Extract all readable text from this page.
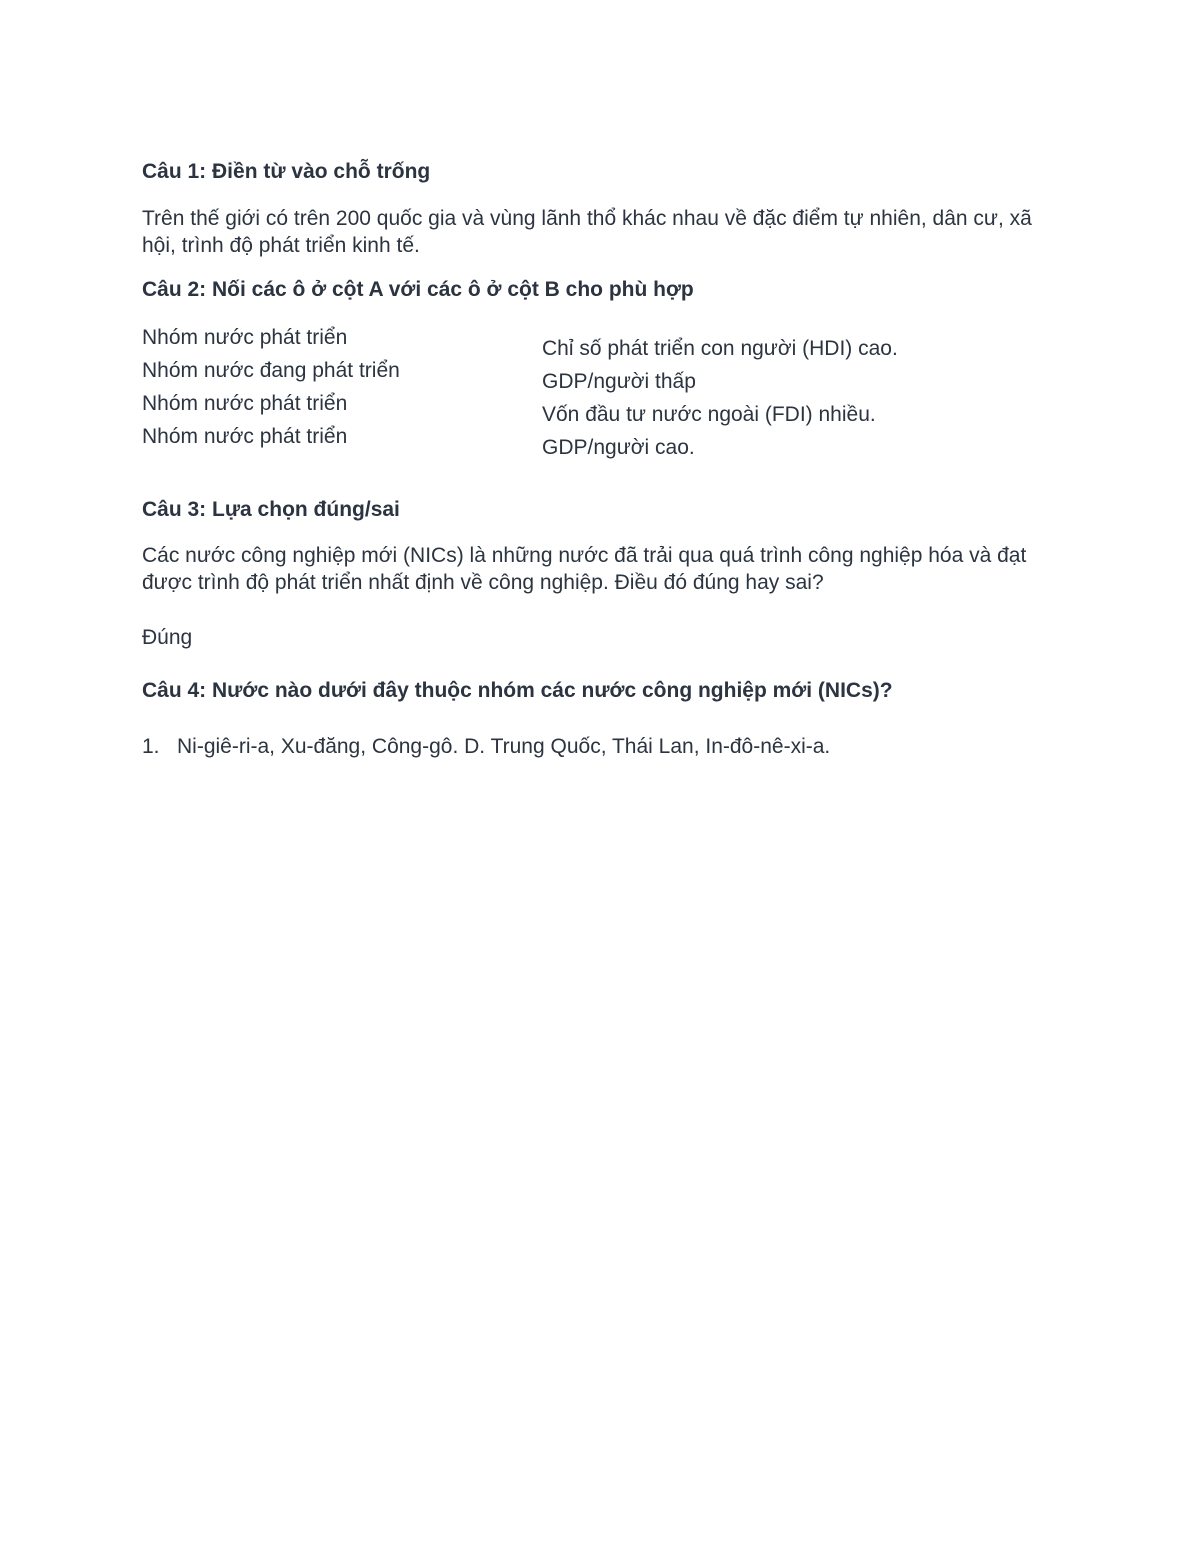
Câu 1: Điền từ vào chỗ trống
Trên thế giới có trên 200 quốc gia và vùng lãnh thổ khác nhau về đặc điểm tự nhiên, dân cư, xã hội, trình độ phát triển kinh tế.
Câu 2: Nối các ô ở cột A với các ô ở cột B cho phù hợp
Nhóm nước phát triển
Nhóm nước đang phát triển
Nhóm nước phát triển
Nhóm nước phát triển
Chỉ số phát triển con người (HDI) cao.
GDP/người thấp
Vốn đầu tư nước ngoài (FDI) nhiều.
GDP/người cao.
Câu 3: Lựa chọn đúng/sai
Các nước công nghiệp mới (NICs) là những nước đã trải qua quá trình công nghiệp hóa và đạt được trình độ phát triển nhất định về công nghiệp. Điều đó đúng hay sai?
Đúng
Câu 4: Nước nào dưới đây thuộc nhóm các nước công nghiệp mới (NICs)?
1. Ni-giê-ri-a, Xu-đăng, Công-gô. D. Trung Quốc, Thái Lan, In-đô-nê-xi-a.
